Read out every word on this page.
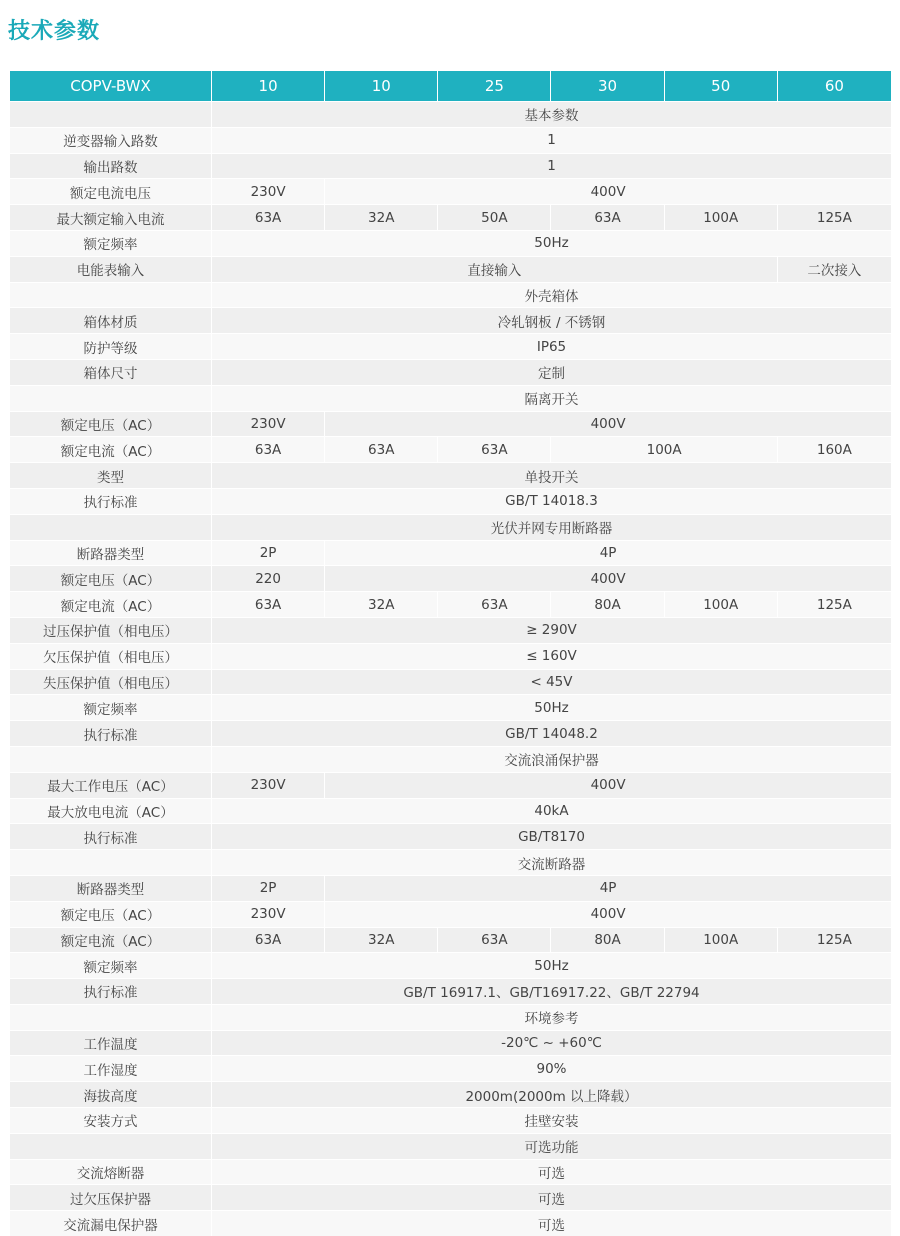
技术参数
COPV-BWX	10	10	25	30	50	60
	基本参数					
逆变器输入路数	1					
输出路数	1					
额定电流电压	230V	400V				
最大额定输入电流	63A	32A	50A	63A	100A	125A
额定频率	50Hz					
电能表输入	直接输入					二次接入
	外壳箱体					
箱体材质	冷轧钢板 / 不锈钢					
防护等级	IP65					
箱体尺寸	定制					
	隔离开关					
额定电压（AC）	230V	400V				
额定电流（AC）	63A	63A	63A	100A		160A
类型	单投开关					
执行标准	GB/T 14018.3					
	光伏并网专用断路器					
断路器类型	2P	4P				
额定电压（AC）	220	400V				
额定电流（AC）	63A	32A	63A	80A	100A	125A
过压保护值（相电压）	≥ 290V					
欠压保护值（相电压）	≤ 160V					
失压保护值（相电压）	< 45V					
额定频率	50Hz					
执行标准	GB/T 14048.2					
	交流浪涌保护器					
最大工作电压（AC）	230V	400V				
最大放电电流（AC）	40kA					
执行标准	GB/T8170					
	交流断路器					
断路器类型	2P	4P				
额定电压（AC）	230V	400V				
额定电流（AC）	63A	32A	63A	80A	100A	125A
额定频率	50Hz					
执行标准	GB/T 16917.1、GB/T16917.22、GB/T 22794					
	环境参考					
工作温度	-20℃ ~ +60℃					
工作湿度	90%					
海拔高度	2000m(2000m 以上降载）					
安装方式	挂壁安装					
	可选功能					
交流熔断器	可选					
过欠压保护器	可选					
交流漏电保护器	可选					
